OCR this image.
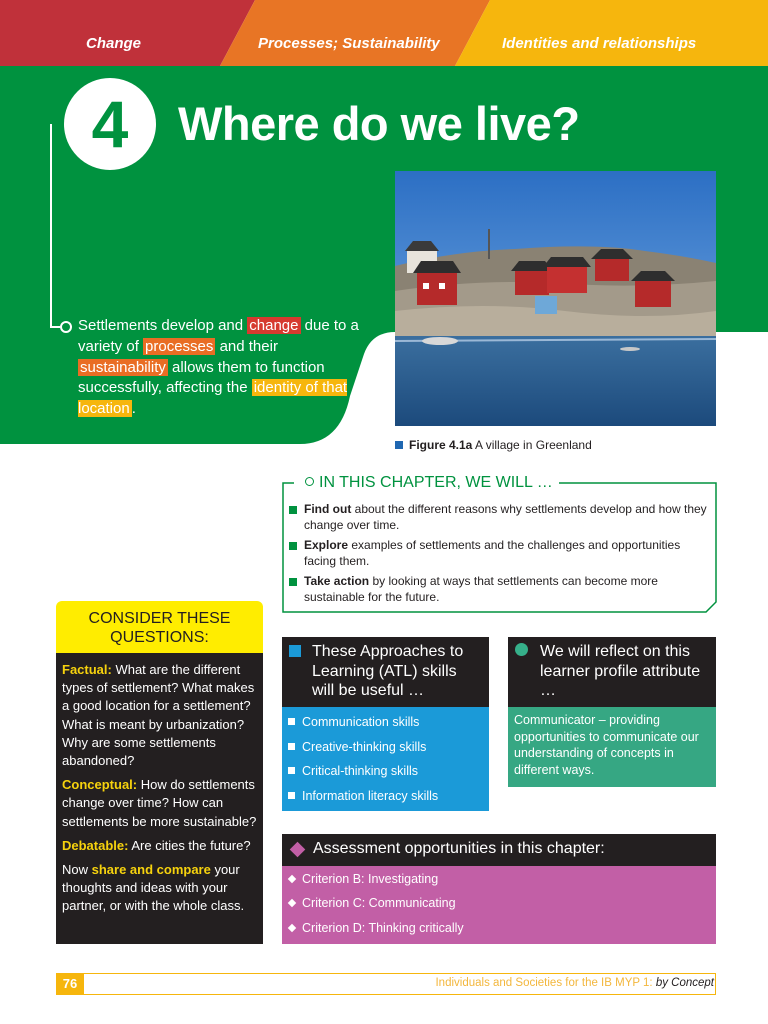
Change	Processes; Sustainability	Identities and relationships
4	Where do we live?

Settlements develop and change due to a variety of processes and their sustainability allows them to function successfully, affecting the identity of that location .

Figure 4.1a A village in Greenland

IN THIS CHAPTER, WE WILL …
Find out about the different reasons why settlements develop and how they change over time.
Explore examples of settlements and the challenges and opportunities facing them.
Take action by looking at ways that settlements can become more sustainable for the future.
CONSIDER THESE
QUESTIONS:

Factual: What are the different types of settlement? What makes a good location for a settlement? What is meant by urbanization? Why are some settlements abandoned?

Conceptual: How do settlements change over time? How can settlements be more sustainable?

Debatable: Are cities the future?

Now share and compare your thoughts and ideas with your partner, or with the whole class.

These Approaches to Learning (ATL) skills will be useful …
Communication skills
Creative-thinking skills
Critical-thinking skills
Information literacy skills
We will reflect on this learner profile attribute …
Communicator – providing opportunities to communicate our understanding of concepts in different ways.
Assessment opportunities in this chapter:
Criterion B: Investigating
Criterion C: Communicating
Criterion D: Thinking critically
76	Individuals and Societies for the IB MYP 1: by Concept
